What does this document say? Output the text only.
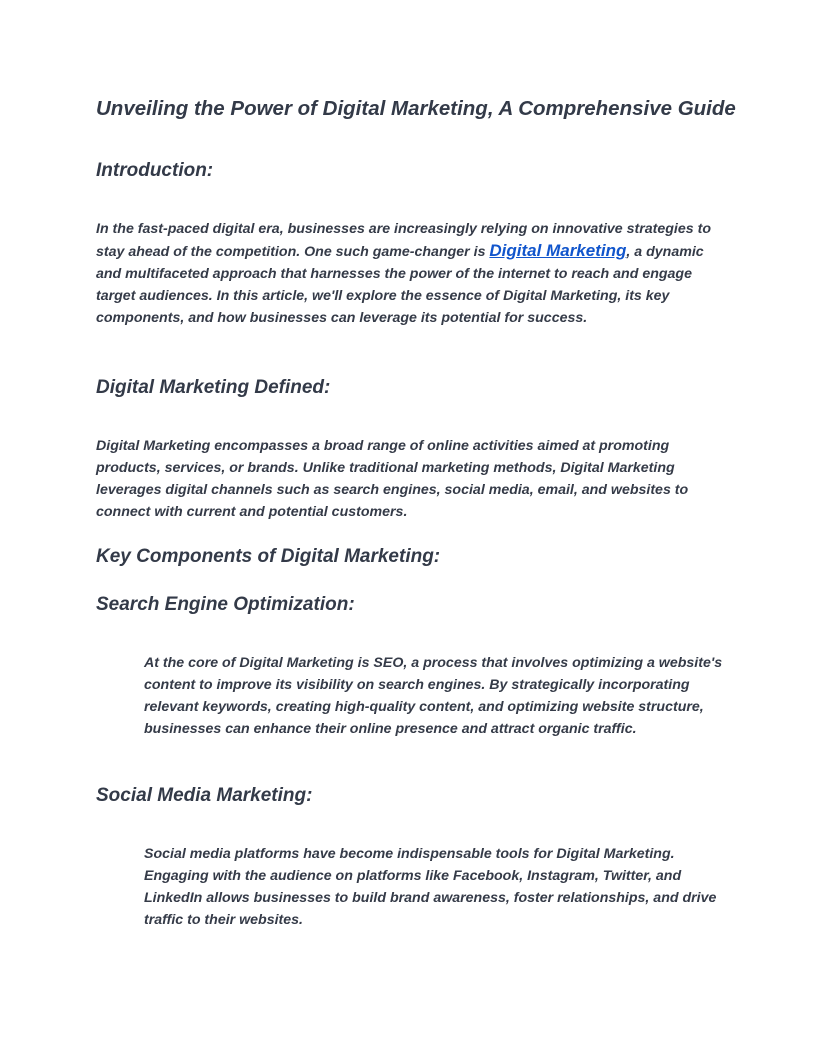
Unveiling the Power of Digital Marketing, A Comprehensive Guide
Introduction:

In the fast-paced digital era, businesses are increasingly relying on innovative strategies to stay ahead of the competition. One such game-changer is Digital Marketing, a dynamic and multifaceted approach that harnesses the power of the internet to reach and engage target audiences. In this article, we'll explore the essence of Digital Marketing, its key components, and how businesses can leverage its potential for success.

Digital Marketing Defined:

Digital Marketing encompasses a broad range of online activities aimed at promoting products, services, or brands. Unlike traditional marketing methods, Digital Marketing leverages digital channels such as search engines, social media, email, and websites to connect with current and potential customers.

Key Components of Digital Marketing:
Search Engine Optimization:

At the core of Digital Marketing is SEO, a process that involves optimizing a website's content to improve its visibility on search engines. By strategically incorporating relevant keywords, creating high-quality content, and optimizing website structure, businesses can enhance their online presence and attract organic traffic.

Social Media Marketing:

Social media platforms have become indispensable tools for Digital Marketing. Engaging with the audience on platforms like Facebook, Instagram, Twitter, and LinkedIn allows businesses to build brand awareness, foster relationships, and drive traffic to their websites.
